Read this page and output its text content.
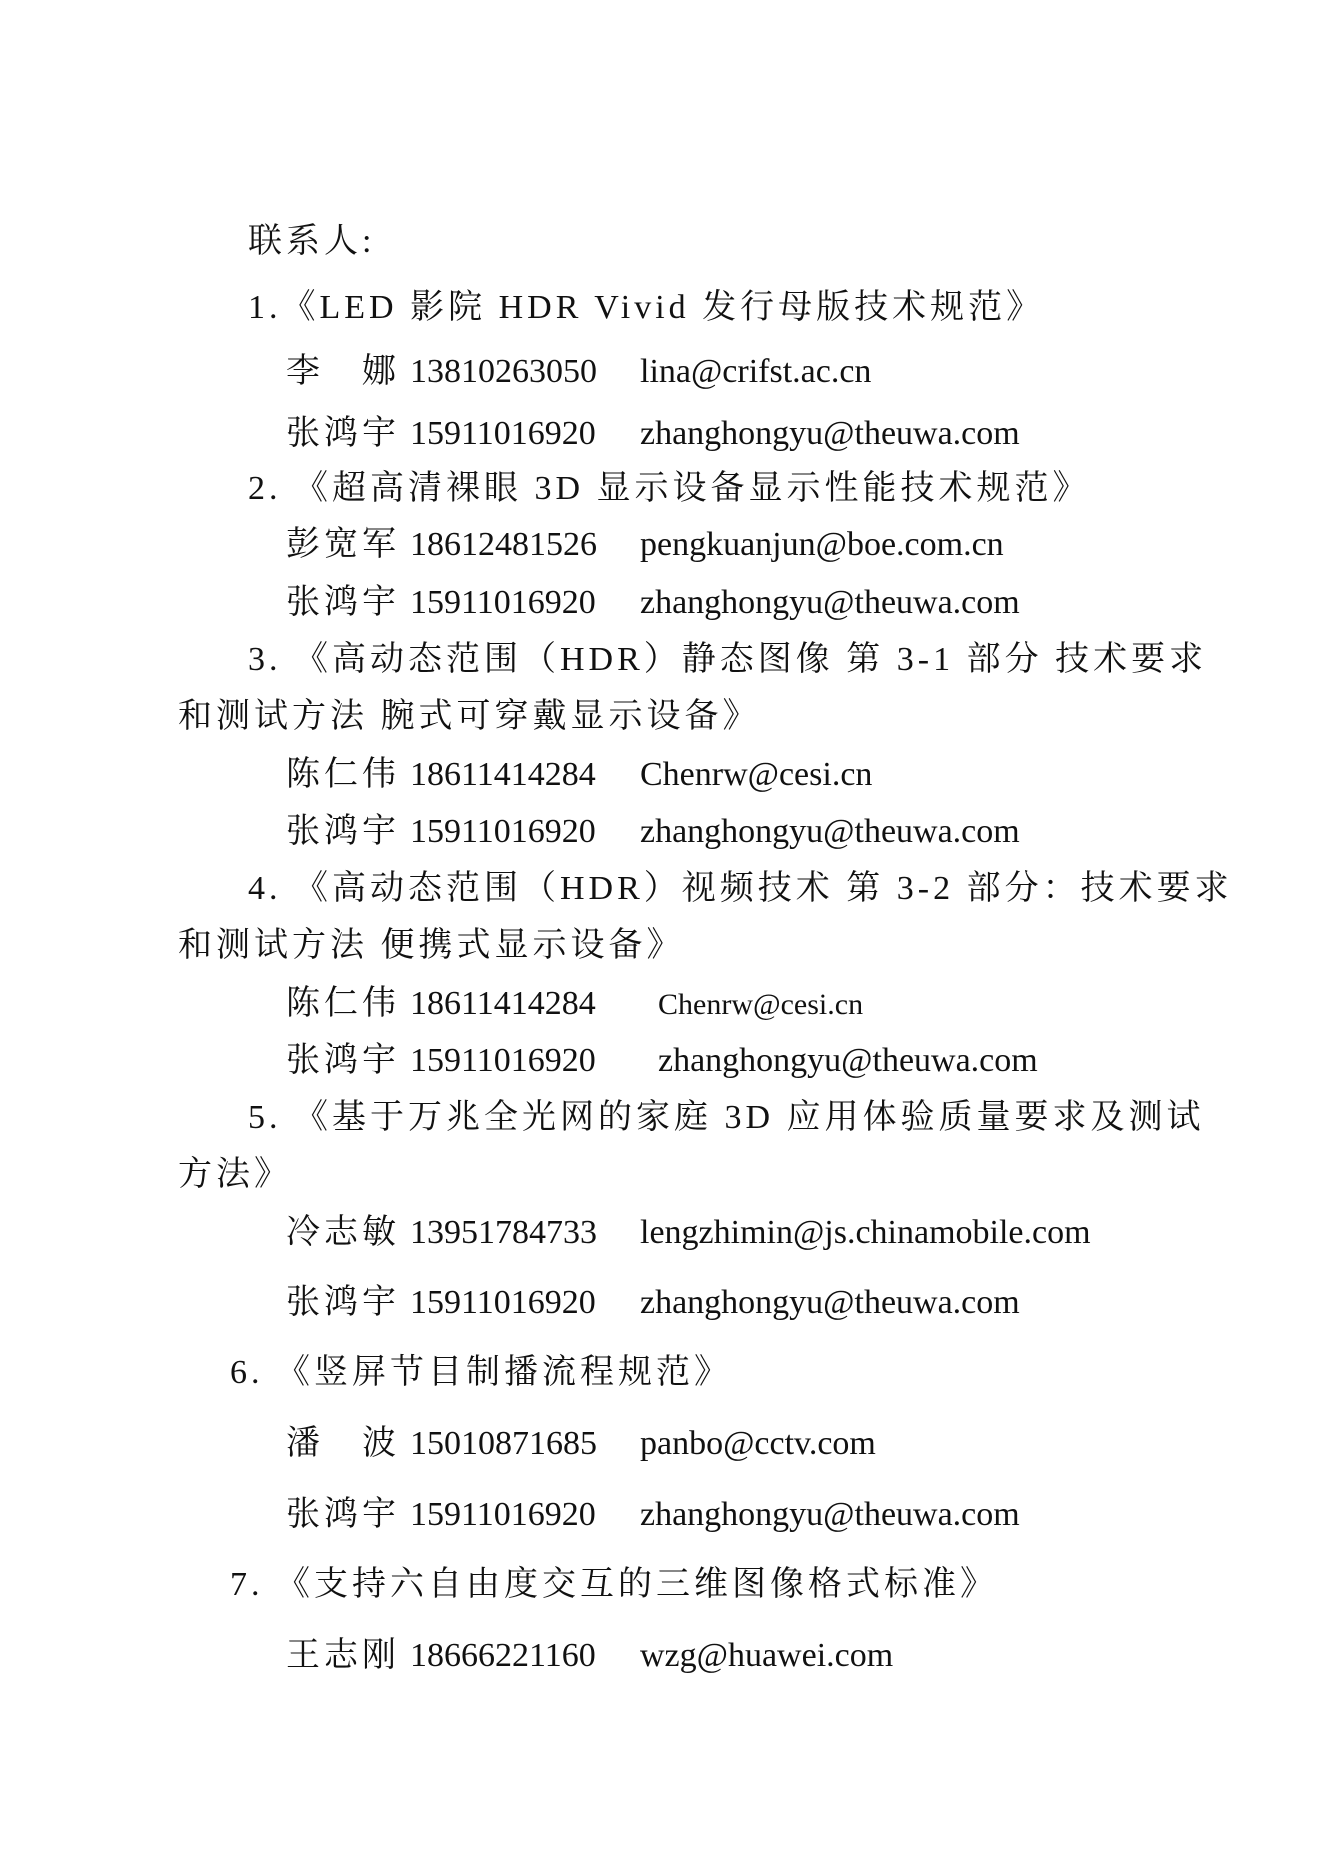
联系人:
1.《LED 影院 HDR Vivid 发行母版技术规范》
李　娜 13810263050 lina@crifst.ac.cn
张鸿宇 15911016920 zhanghongyu@theuwa.com
2. 《超高清裸眼 3D 显示设备显示性能技术规范》
彭宽军 18612481526 pengkuanjun@boe.com.cn
张鸿宇 15911016920 zhanghongyu@theuwa.com
3. 《高动态范围（HDR）静态图像 第 3-1 部分 技术要求
和测试方法 腕式可穿戴显示设备》
陈仁伟 18611414284 Chenrw@cesi.cn
张鸿宇 15911016920 zhanghongyu@theuwa.com
4. 《高动态范围（HDR）视频技术 第 3-2 部分：技术要求
和测试方法 便携式显示设备》
陈仁伟 18611414284 Chenrw@cesi.cn
张鸿宇 15911016920 zhanghongyu@theuwa.com
5. 《基于万兆全光网的家庭 3D 应用体验质量要求及测试
方法》
冷志敏 13951784733 lengzhimin@js.chinamobile.com
张鸿宇 15911016920 zhanghongyu@theuwa.com
6. 《竖屏节目制播流程规范》
潘　波 15010871685 panbo@cctv.com
张鸿宇 15911016920 zhanghongyu@theuwa.com
7. 《支持六自由度交互的三维图像格式标准》
王志刚 18666221160 wzg@huawei.com
